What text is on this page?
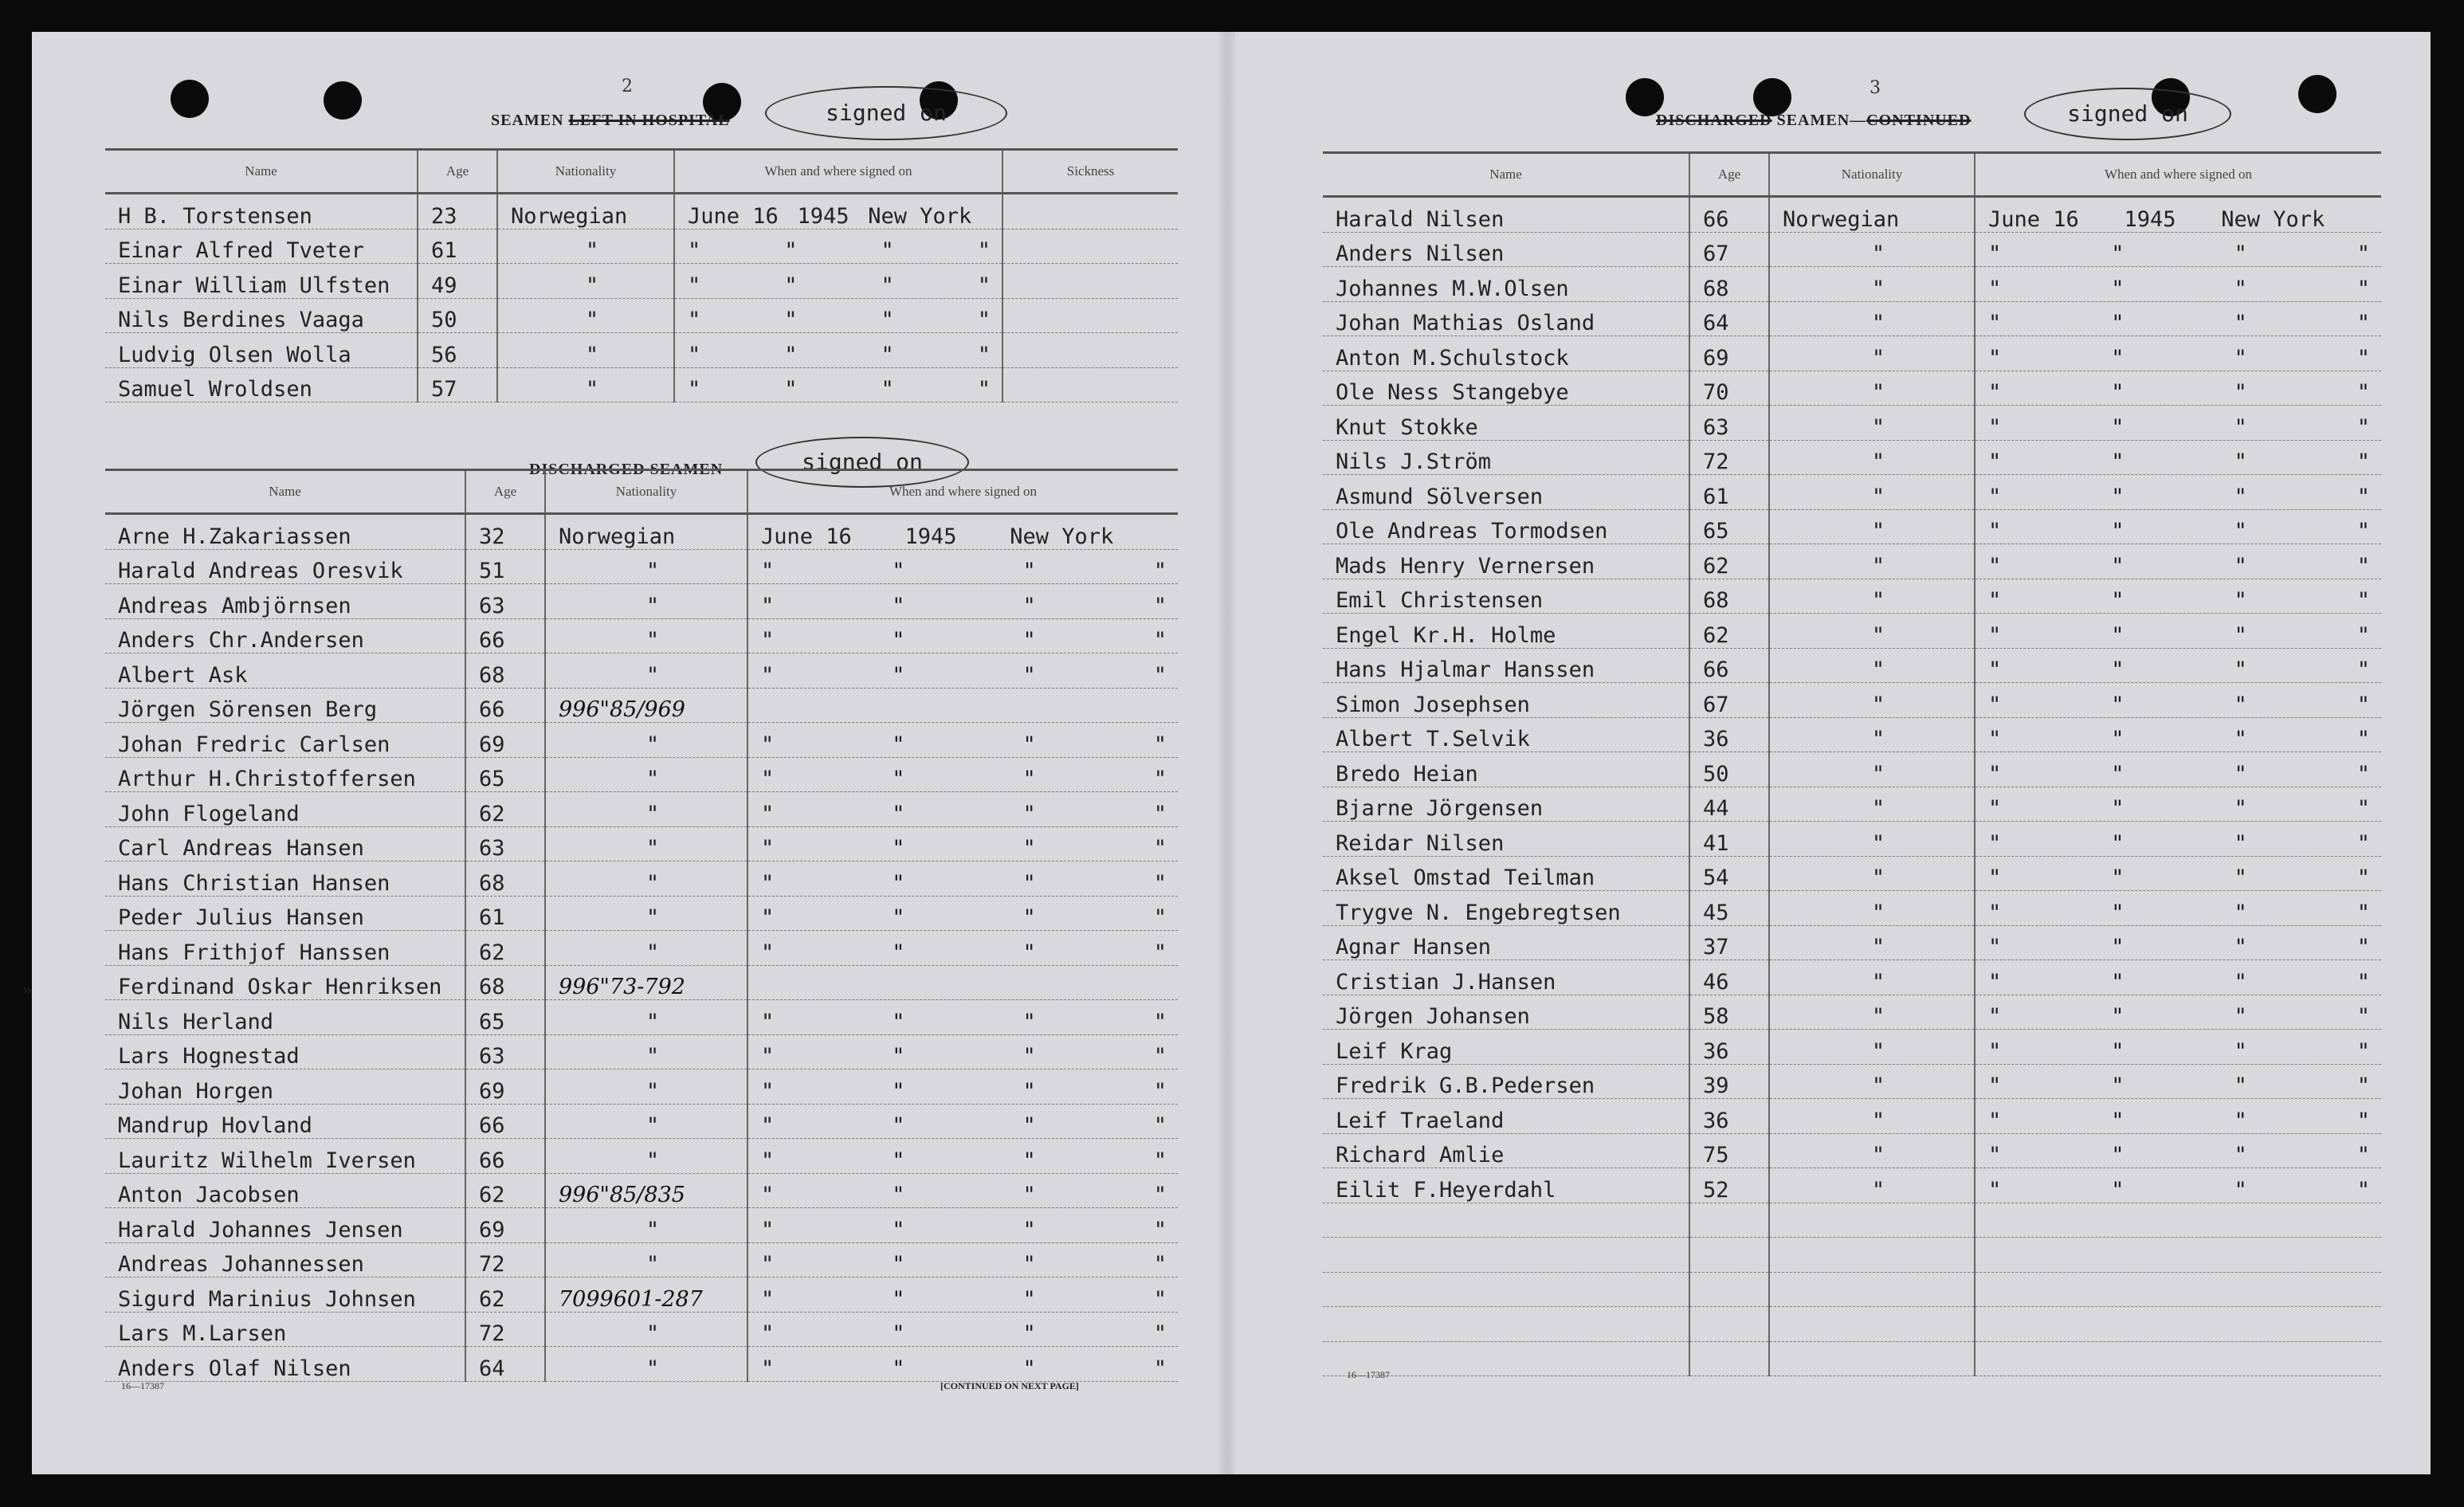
2
SEAMEN LEFT IN HOSPITAL	signed on
Name	Age	Nationality	When and where signed on	Sickness
H B. Torstensen	23	Norwegian	June 16 1945 New York	

Einar Alfred Tveter	61	"	" " " "	

Einar William Ulfsten	49	"	" " " "	

Nils Berdines Vaaga	50	"	" " " "	

Ludvig Olsen Wolla	56	"	" " " "	

Samuel Wroldsen	57	"	" " " "	

DISCHARGED SEAMEN	signed on
Name	Age	Nationality	When and where signed on
Arne H.Zakariassen	32	Norwegian	June 16 1945 New York

Harald Andreas Oresvik	51	"	" " " "

Andreas Ambjörnsen	63	"	" " " "

Anders Chr.Andersen	66	"	" " " "

Albert Ask	68	"	" " " "

Jörgen Sörensen Berg	66	996"85/969	

Johan Fredric Carlsen	69	"	" " " "

Arthur H.Christoffersen	65	"	" " " "

John Flogeland	62	"	" " " "

Carl Andreas Hansen	63	"	" " " "

Hans Christian Hansen	68	"	" " " "

Peder Julius Hansen	61	"	" " " "

Hans Frithjof Hanssen	62	"	" " " "

Ferdinand Oskar Henriksen	68	996"73-792	

Nils Herland	65	"	" " " "

Lars Hognestad	63	"	" " " "

Johan Horgen	69	"	" " " "

Mandrup Hovland	66	"	" " " "

Lauritz Wilhelm Iversen	66	"	" " " "

Anton Jacobsen	62	996"85/835	" " " "

Harald Johannes Jensen	69	"	" " " "

Andreas Johannessen	72	"	" " " "

Sigurd Marinius Johnsen	62	7099601-287	" " " "

Lars M.Larsen	72	"	" " " "

Anders Olaf Nilsen	64	"	" " " "
16—17387	[CONTINUED ON NEXT PAGE]
»
3
DISCHARGED SEAMEN—CONTINUED	signed on
Name	Age	Nationality	When and where signed on
Harald Nilsen	66	Norwegian	June 16 1945 New York

Anders Nilsen	67	"	" " " "

Johannes M.W.Olsen	68	"	" " " "

Johan Mathias Osland	64	"	" " " "

Anton M.Schulstock	69	"	" " " "

Ole Ness Stangebye	70	"	" " " "

Knut Stokke	63	"	" " " "

Nils J.Ström	72	"	" " " "

Asmund Sölversen	61	"	" " " "

Ole Andreas Tormodsen	65	"	" " " "

Mads Henry Vernersen	62	"	" " " "

Emil Christensen	68	"	" " " "

Engel Kr.H. Holme	62	"	" " " "

Hans Hjalmar Hanssen	66	"	" " " "

Simon Josephsen	67	"	" " " "

Albert T.Selvik	36	"	" " " "

Bredo Heian	50	"	" " " "

Bjarne Jörgensen	44	"	" " " "

Reidar Nilsen	41	"	" " " "

Aksel Omstad Teilman	54	"	" " " "

Trygve N. Engebregtsen	45	"	" " " "

Agnar Hansen	37	"	" " " "

Cristian J.Hansen	46	"	" " " "

Jörgen Johansen	58	"	" " " "

Leif Krag	36	"	" " " "

Fredrik G.B.Pedersen	39	"	" " " "

Leif Traeland	36	"	" " " "

Richard Amlie	75	"	" " " "

Eilit F.Heyerdahl	52	"	" " " "

16—17387
